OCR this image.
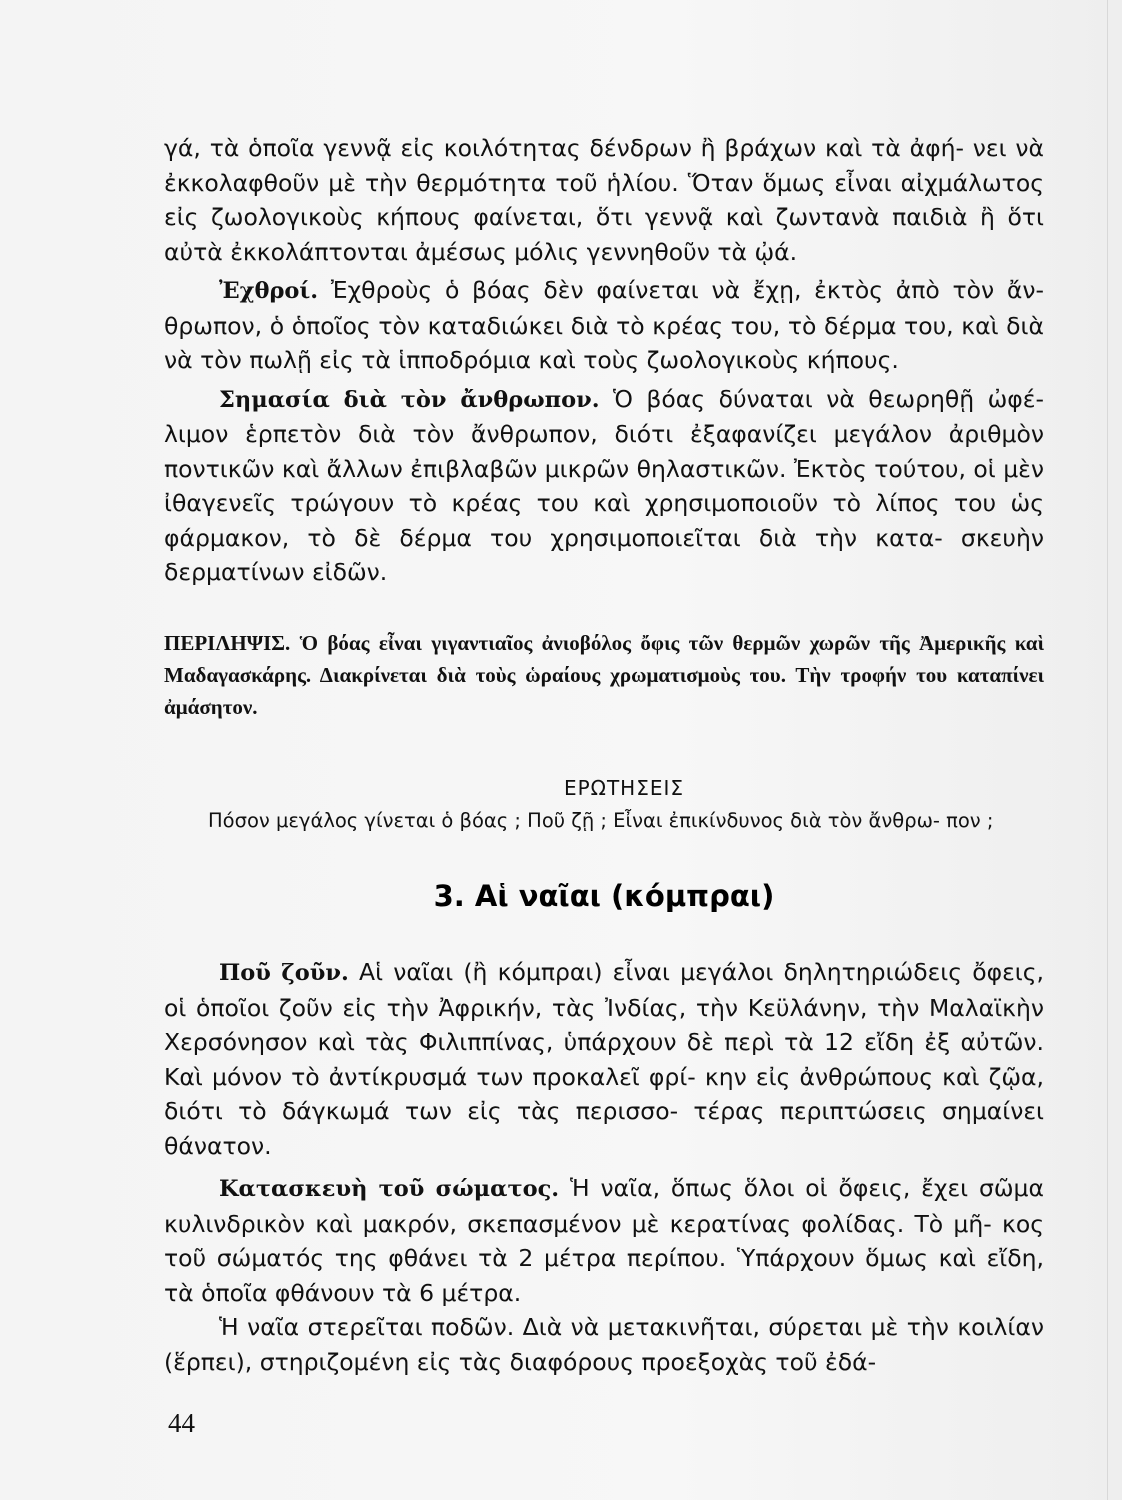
γά, τὰ ὁποῖα γεννᾷ εἰς κοιλότητας δένδρων ἢ βράχων καὶ τὰ ἀφή- νει νὰ ἐκκολαφθοῦν μὲ τὴν θερμότητα τοῦ ἡλίου. Ὅταν ὅμως εἶναι αἰχμάλωτος εἰς ζωολογικοὺς κήπους φαίνεται, ὅτι γεννᾷ καὶ ζωντανὰ παιδιὰ ἢ ὅτι αὐτὰ ἐκκολάπτονται ἀμέσως μόλις γεννηθοῦν τὰ ᾠά.

Ἐχθροί. Ἐχθροὺς ὁ βόας δὲν φαίνεται νὰ ἔχῃ, ἐκτὸς ἀπὸ τὸν ἄν- θρωπον, ὁ ὁποῖος τὸν καταδιώκει διὰ τὸ κρέας του, τὸ δέρμα του, καὶ διὰ νὰ τὸν πωλῇ εἰς τὰ ἱπποδρόμια καὶ τοὺς ζωολογικοὺς κήπους.

Σημασία διὰ τὸν ἄνθρωπον. Ὁ βόας δύναται νὰ θεωρηθῇ ὠφέ- λιμον ἑρπετὸν διὰ τὸν ἄνθρωπον, διότι ἐξαφανίζει μεγάλον ἀριθμὸν ποντικῶν καὶ ἄλλων ἐπιβλαβῶν μικρῶν θηλαστικῶν. Ἐκτὸς τούτου, οἱ μὲν ἰθαγενεῖς τρώγουν τὸ κρέας του καὶ χρησιμοποιοῦν τὸ λίπος του ὡς φάρμακον, τὸ δὲ δέρμα του χρησιμοποιεῖται διὰ τὴν κατα- σκευὴν δερματίνων εἰδῶν.

ΠΕΡΙΛΗΨΙΣ. Ὁ βόας εἶναι γιγαντιαῖος ἀνιοβόλος ὄφις τῶν θερμῶν χωρῶν τῆς Ἀμερικῆς καὶ Μαδαγασκάρης. Διακρίνεται διὰ τοὺς ὡραίους χρωματισμοὺς του. Τὴν τροφήν του καταπίνει ἀμάσητον.

ΕΡΩΤΗΣΕΙΣ

Πόσον μεγάλος γίνεται ὁ βόας ; Ποῦ ζῇ ; Εἶναι ἐπικίνδυνος διὰ τὸν ἄνθρω- πον ;

3. Αἱ ναῖαι (κόμπραι)

Ποῦ ζοῦν. Αἱ ναῖαι (ἢ κόμπραι) εἶναι μεγάλοι δηλητηριώδεις ὄφεις, οἱ ὁποῖοι ζοῦν εἰς τὴν Ἀφρικήν, τὰς Ἰνδίας, τὴν Κεϋλάνην, τὴν Μαλαϊκὴν Χερσόνησον καὶ τὰς Φιλιππίνας, ὑπάρχουν δὲ περὶ τὰ 12 εἴδη ἐξ αὐτῶν. Καὶ μόνον τὸ ἀντίκρυσμά των προκαλεῖ φρί- κην εἰς ἀνθρώπους καὶ ζῷα, διότι τὸ δάγκωμά των εἰς τὰς περισσο- τέρας περιπτώσεις σημαίνει θάνατον.

Κατασκευὴ τοῦ σώματος. Ἡ ναῖα, ὅπως ὅλοι οἱ ὄφεις, ἔχει σῶμα κυλινδρικὸν καὶ μακρόν, σκεπασμένον μὲ κερατίνας φολίδας. Τὸ μῆ- κος τοῦ σώματός της φθάνει τὰ 2 μέτρα περίπου. Ὑπάρχουν ὅμως καὶ εἴδη, τὰ ὁποῖα φθάνουν τὰ 6 μέτρα.

Ἡ ναῖα στερεῖται ποδῶν. Διὰ νὰ μετακινῆται, σύρεται μὲ τὴν κοιλίαν (ἕρπει), στηριζομένη εἰς τὰς διαφόρους προεξοχὰς τοῦ ἐδά-

44
